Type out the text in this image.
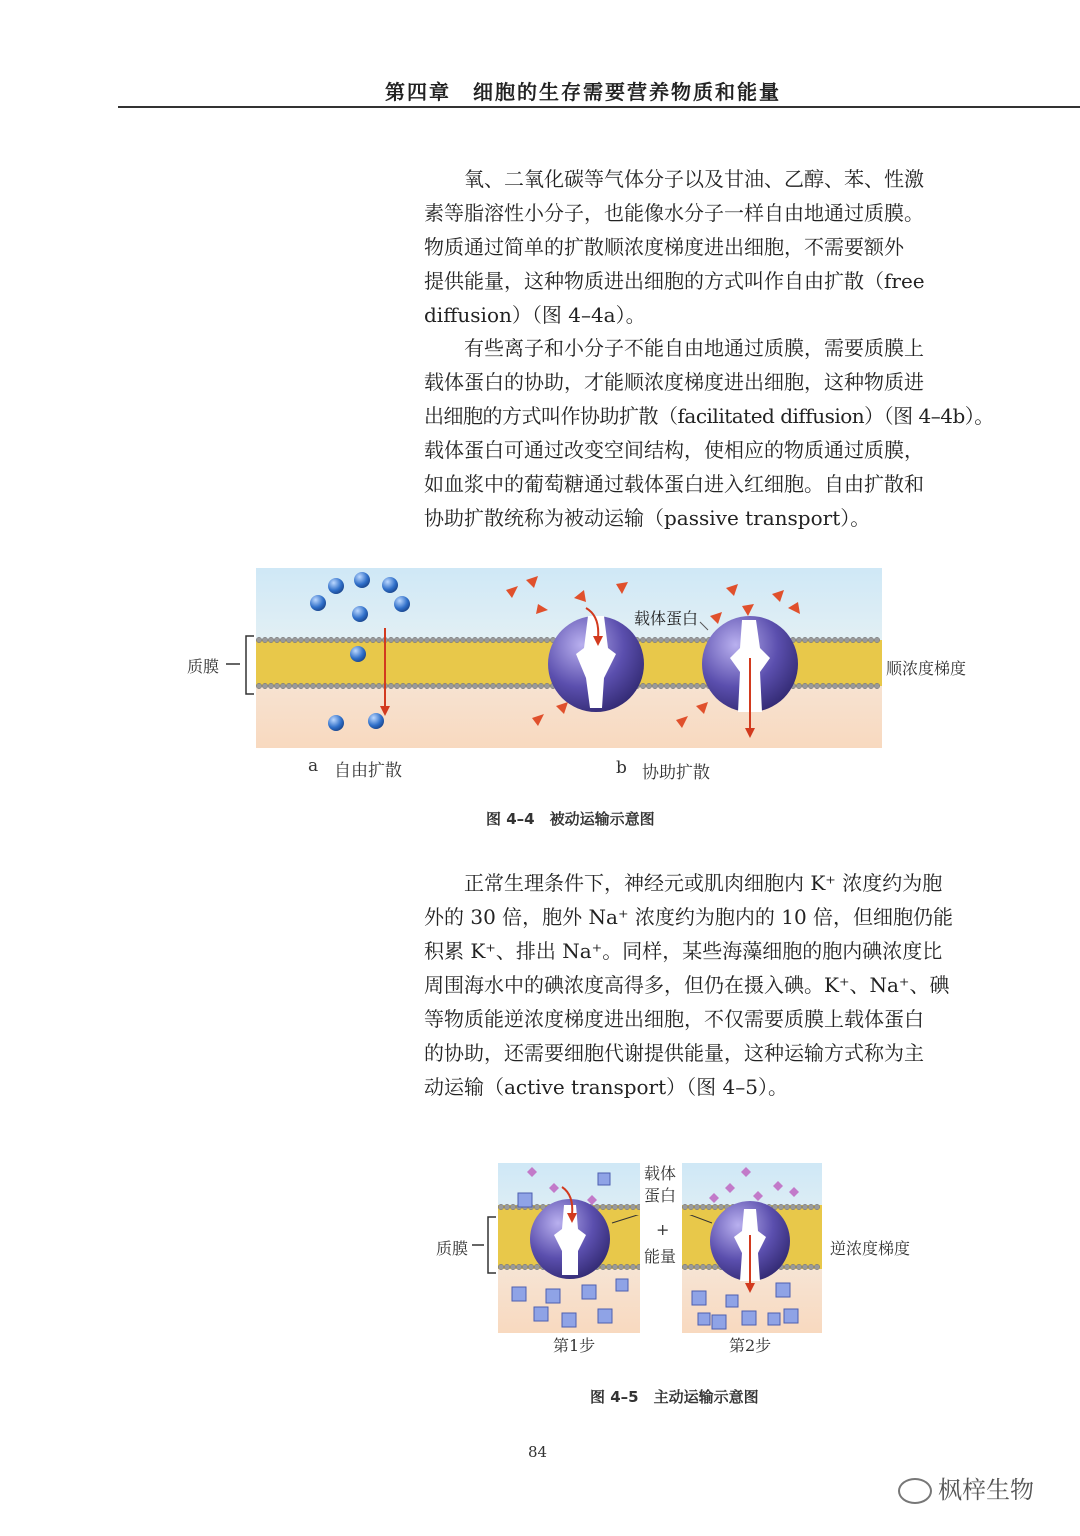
第四章　细胞的生存需要营养物质和能量

　　氧、二氧化碳等气体分子以及甘油、乙醇、苯、性激
素等脂溶性小分子，也能像水分子一样自由地通过质膜。
物质通过简单的扩散顺浓度梯度进出细胞，不需要额外
提供能量，这种物质进出细胞的方式叫作自由扩散（free
diffusion）（图 4–4a）。

　　有些离子和小分子不能自由地通过质膜，需要质膜上
载体蛋白的协助，才能顺浓度梯度进出细胞，这种物质进
出细胞的方式叫作协助扩散（facilitated diffusion）（图 4–4b）。
载体蛋白可通过改变空间结构，使相应的物质通过质膜，
如血浆中的葡萄糖通过载体蛋白进入红细胞。自由扩散和
协助扩散统称为被动运输（passive transport）。

载体蛋白
质膜	顺浓度梯度
a 自由扩散	b 协助扩散
图 4–4　被动运输示意图

　　正常生理条件下，神经元或肌肉细胞内 K⁺ 浓度约为胞
外的 30 倍，胞外 Na⁺ 浓度约为胞内的 10 倍，但细胞仍能
积累 K⁺、排出 Na⁺。同样，某些海藻细胞的胞内碘浓度比
周围海水中的碘浓度高得多，但仍在摄入碘。K⁺、Na⁺、碘
等物质能逆浓度梯度进出细胞，不仅需要质膜上载体蛋白
的协助，还需要细胞代谢提供能量，这种运输方式称为主
动运输（active transport）（图 4–5）。

质膜
载体
蛋白
+
能量	逆浓度梯度
第1步	第2步
图 4–5　主动运输示意图
84
枫梓生物
